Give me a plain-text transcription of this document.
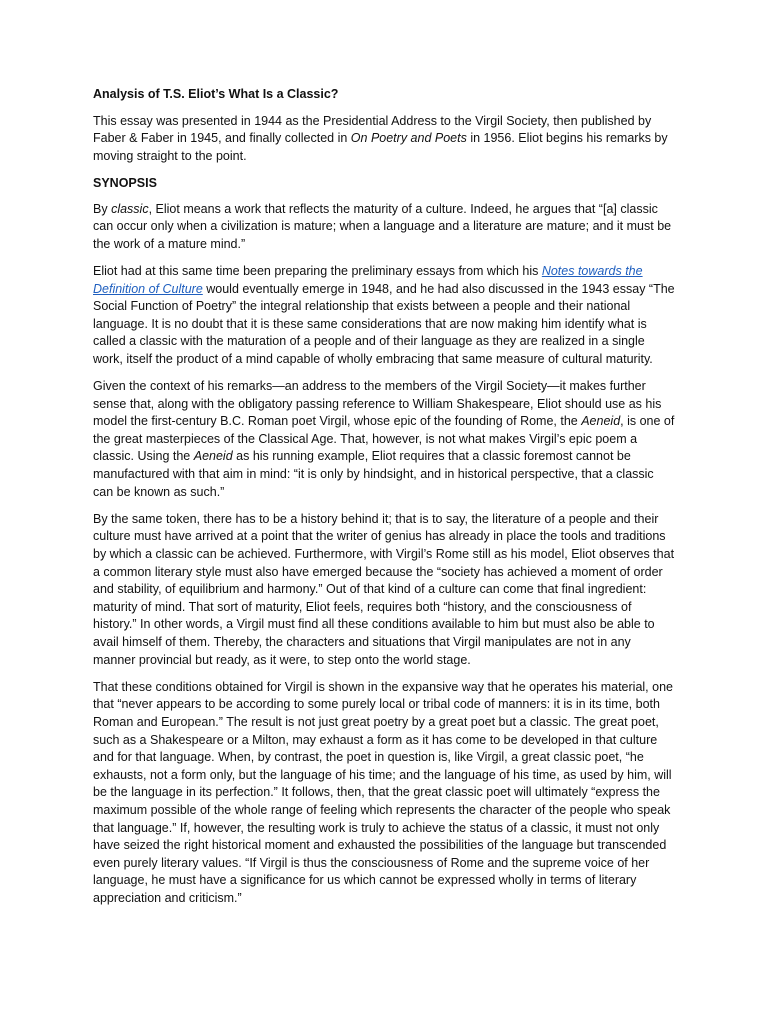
Analysis of T.S. Eliot’s What Is a Classic?

This essay was presented in 1944 as the Presidential Address to the Virgil Society, then published by Faber & Faber in 1945, and finally collected in On Poetry and Poets in 1956. Eliot begins his remarks by moving straight to the point.

SYNOPSIS

By classic, Eliot means a work that reflects the maturity of a culture. Indeed, he argues that “[a] classic can occur only when a civilization is mature; when a language and a literature are mature; and it must be the work of a mature mind.”

Eliot had at this same time been preparing the preliminary essays from which his Notes towards the Definition of Culture would eventually emerge in 1948, and he had also discussed in the 1943 essay “The Social Function of Poetry” the integral relationship that exists between a people and their national language. It is no doubt that it is these same considerations that are now making him identify what is called a classic with the maturation of a people and of their language as they are realized in a single work, itself the product of a mind capable of wholly embracing that same measure of cultural maturity.

Given the context of his remarks—an address to the members of the Virgil Society—it makes further sense that, along with the obligatory passing reference to William Shakespeare, Eliot should use as his model the first-century B.C. Roman poet Virgil, whose epic of the founding of Rome, the Aeneid, is one of the great masterpieces of the Classical Age. That, however, is not what makes Virgil’s epic poem a classic. Using the Aeneid as his running example, Eliot requires that a classic foremost cannot be manufactured with that aim in mind: “it is only by hindsight, and in historical perspective, that a classic can be known as such.”

By the same token, there has to be a history behind it; that is to say, the literature of a people and their culture must have arrived at a point that the writer of genius has already in place the tools and traditions by which a classic can be achieved. Furthermore, with Virgil’s Rome still as his model, Eliot observes that a common literary style must also have emerged because the “society has achieved a moment of order and stability, of equilibrium and harmony.” Out of that kind of a culture can come that final ingredient: maturity of mind. That sort of maturity, Eliot feels, requires both “history, and the consciousness of history.” In other words, a Virgil must find all these conditions available to him but must also be able to avail himself of them. Thereby, the characters and situations that Virgil manipulates are not in any manner provincial but ready, as it were, to step onto the world stage.

That these conditions obtained for Virgil is shown in the expansive way that he operates his material, one that “never appears to be according to some purely local or tribal code of manners: it is in its time, both Roman and European.” The result is not just great poetry by a great poet but a classic. The great poet, such as a Shakespeare or a Milton, may exhaust a form as it has come to be developed in that culture and for that language. When, by contrast, the poet in question is, like Virgil, a great classic poet, “he exhausts, not a form only, but the language of his time; and the language of his time, as used by him, will be the language in its perfection.” It follows, then, that the great classic poet will ultimately “express the maximum possible of the whole range of feeling which represents the character of the people who speak that language.” If, however, the resulting work is truly to achieve the status of a classic, it must not only have seized the right historical moment and exhausted the possibilities of the language but transcended even purely literary values. “If Virgil is thus the consciousness of Rome and the supreme voice of her language, he must have a significance for us which cannot be expressed wholly in terms of literary appreciation and criticism.”
